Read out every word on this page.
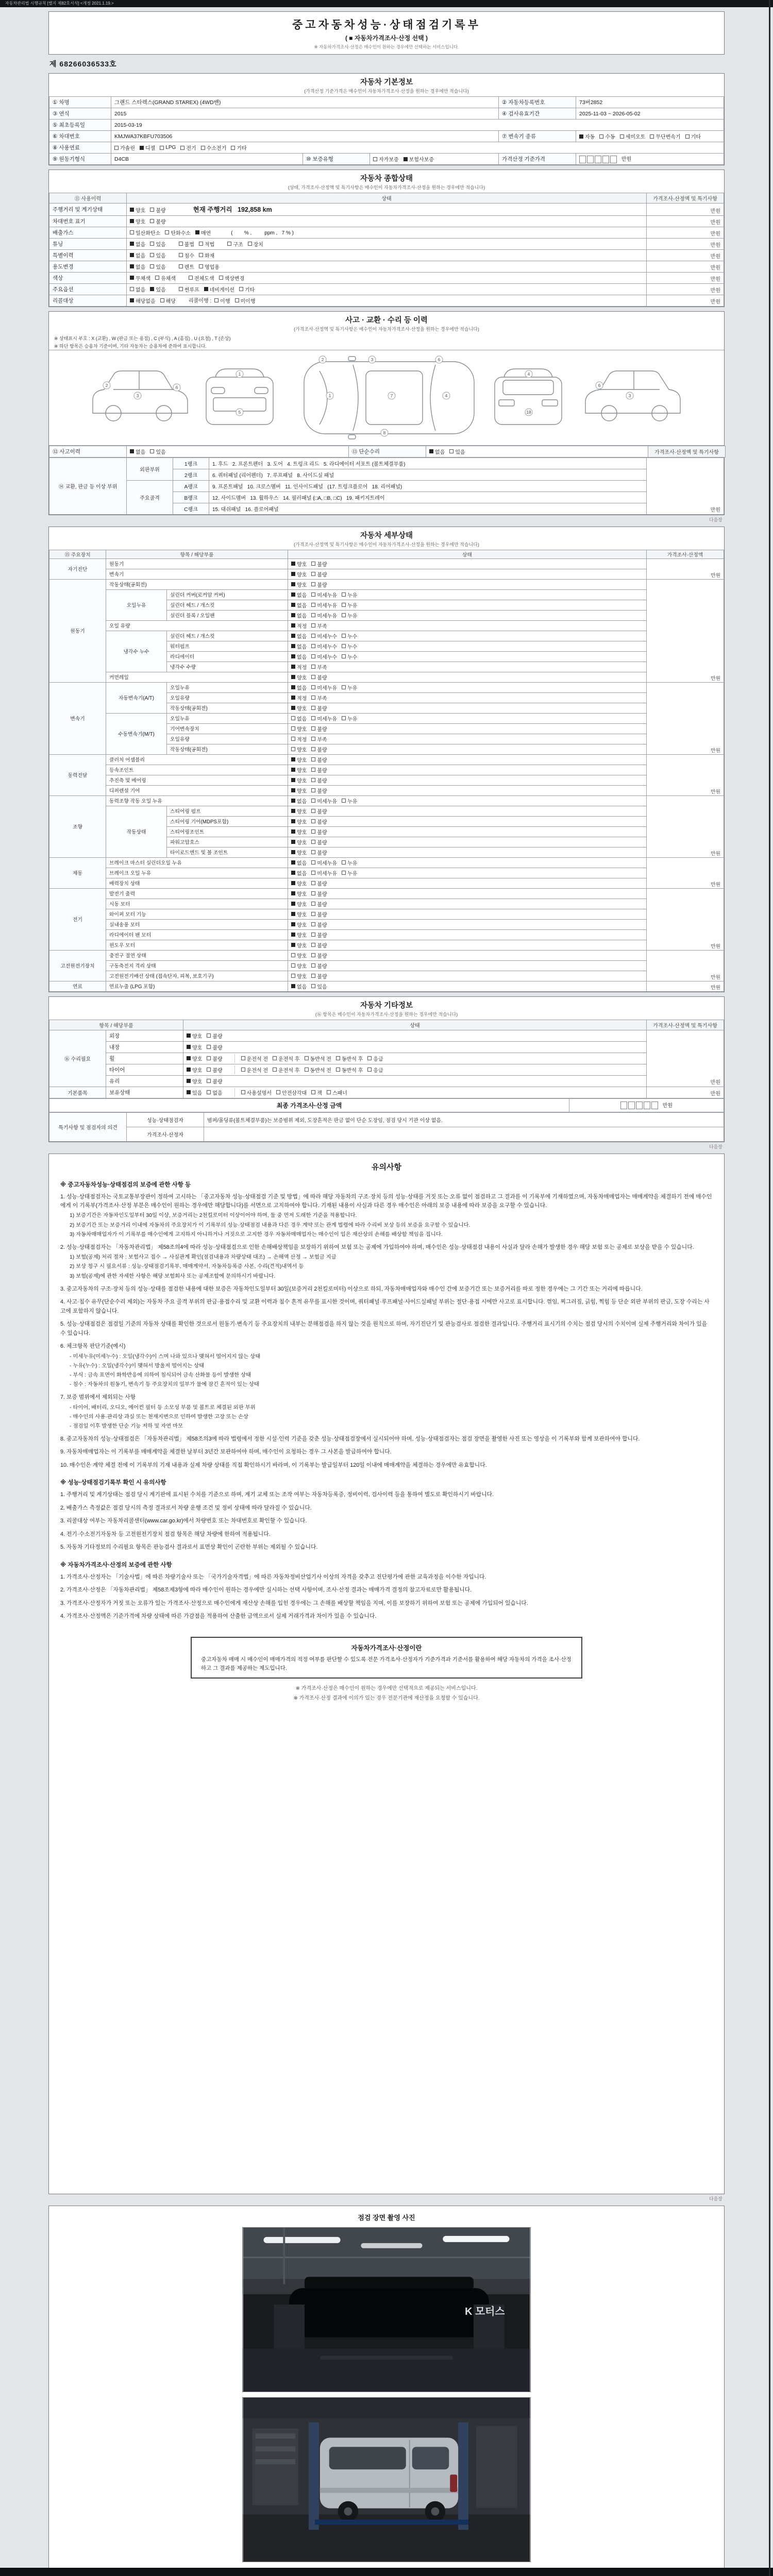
자동차관리법 시행규칙 [별지 제82호서식] <개정 2021.1.19.>
중고자동차성능·상태점검기록부
( ■ 자동차가격조사·산정 선택 )
※ 자동차가격조사·산정은 매수인이 원하는 경우에만 선택하는 서비스입니다.
제 68266036533호
자동차 기본정보
(가격산정 기준가격은 매수인이 자동차가격조사·산정을 원하는 경우에만 적습니다)
① 차명	그랜드 스타렉스(GRAND STAREX) (4WD밴)			② 자동차등록번호	73버2852
③ 연식	2015			④ 검사유효기간	2025-11-03 ~ 2026-05-02
⑤ 최초등록일	2015-03-19				
⑥ 차대번호	KMJWA37KBFU703506			⑦ 변속기 종류	자동 수동 세미오토 무단변속기 기타

⑧ 사용연료	가솔린 디젤 LPG 전기 수소전기 기타

⑨ 원동기형식	D4CB	⑩ 보증유형	자가보증 보험사보증	가격산정 기준가격	만원
자동차 종합상태
(상태, 가격조사·산정액 및 특기사항은 매수인이 자동차가격조사·산정을 원하는 경우에만 적습니다)
⑪ 사용이력	상태	가격조사·산정액 및 특기사항
주행거리 및 계기상태	양호 불량 현재 주행거리   192,858 km	만원
차대번호 표기	양호 불량	만원
배출가스	일산화탄소 탄화수소 매연 (        % ,         ppm ,   7 % )	만원
튜닝	없음 있음	불법 적법	구조 장치	만원
특별이력	없음 있음 침수 화재	만원
용도변경	없음 있음 렌트 영업용	만원
색상	무채색 유채색 전체도색 색상변경	만원
주요옵션	없음 있음 썬루프 네비게이션 기타	만원
리콜대상	해당없음 해당 리콜이행 : 이행 미이행	만원
사고 · 교환 · 수리 등 이력
(가격조사·산정액 및 특기사항은 매수인이 자동차가격조사·산정을 원하는 경우에만 적습니다)
※ 상태표시 부호 : X (교환) , W (판금 또는 용접) , C (부식) , A (흠집) , U (요철) , T (손상)
※ 하단 항목은 승용차 기준이며, 기타 자동차는 승용차에 준하여 표시합니다.
2
3
6
1
5
2	3	6
1	7	4
8
4
18
3
6
⑫ 사고이력	없음 있음	⑬ 단순수리	없음 있음	가격조사·산정액 및 특기사항
⑭ 교환, 판금 등 이상 부위	외판부위	1랭크	1. 후드   2. 프론트펜더   3. 도어   4. 트렁크 리드   5. 라디에이터 서포트 (볼트체결부품)	만원
		2랭크	6. 쿼터패널 (리어펜더)   7. 루프패널   8. 사이드실 패널	
	주요골격	A랭크	9. 프론트패널   10. 크로스멤버   11. 인사이드패널   (17. 트렁크플로어   18. 리어패널)	
		B랭크	12. 사이드멤버   13. 휠하우스   14. 필러패널 (□A, □B, □C)   19. 패키지트레이	
		C랭크	15. 대쉬패널   16. 플로어패널	
다음장
자동차 세부상태
(가격조사·산정액 및 특기사항은 매수인이 자동차가격조사·산정을 원하는 경우에만 적습니다)
⑮ 주요장치	항목 / 해당부품		상태	가격조사·산정액
자기진단	원동기		양호 불량	만원
	변속기		양호 불량	

원동기	작동상태(공회전)		양호 불량	만원
	오일누유	실린더 커버(로커암 커버)	없음 미세누유 누유	

		실린더 헤드 / 개스킷	없음 미세누유 누유	

		실린더 블록 / 오일팬	없음 미세누유 누유	

	오일 유량		적정 부족	

	냉각수 누수	실린더 헤드 / 개스킷	없음 미세누수 누수	

		워터펌프	없음 미세누수 누수	

		라디에이터	없음 미세누수 누수	

		냉각수 수량	적정 부족	

	커먼레일		양호 불량	

변속기	자동변속기(A/T)	오일누유	없음 미세누유 누유	만원
		오일유량	적정 부족	

		작동상태(공회전)	양호 불량	

	수동변속기(M/T)	오일누유	없음 미세누유 누유	

		기어변속장치	양호 불량	

		오일유량	적정 부족	

		작동상태(공회전)	양호 불량	

동력전달	클러치 어셈블리		양호 불량	만원
	등속조인트		양호 불량	

	추진축 및 베어링		양호 불량	

	디퍼렌셜 기어		양호 불량	

조향	동력조향 작동 오일 누유		없음 미세누유 누유	만원
	작동상태	스티어링 펌프	양호 불량	

		스티어링 기어(MDPS포함)	양호 불량	

		스티어링조인트	양호 불량	

		파워고압호스	양호 불량	

		타이로드엔드 및 볼 조인트	양호 불량	

제동	브레이크 마스터 실린더오일 누유		없음 미세누유 누유	만원
	브레이크 오일 누유		없음 미세누유 누유	

	배력장치 상태		양호 불량	

전기	발전기 출력		양호 불량	만원
	시동 모터		양호 불량	

	와이퍼 모터 기능		양호 불량	

	실내송풍 모터		양호 불량	

	라디에이터 팬 모터		양호 불량	

	윈도우 모터		양호 불량	

고전원전기장치	충전구 절연 상태		양호 불량	만원
	구동축전지 격리 상태		양호 불량	

	고전원전기배선 상태 (접속단자, 피복, 보호기구)		양호 불량	

연료	연료누출 (LPG 포함)		없음 있음	만원
자동차 기타정보
(⑯ 항목은 매수인이 자동차가격조사·산정을 원하는 경우에만 적습니다)
항목 / 해당부품		상태	가격조사·산정액 및 특기사항
⑯ 수리필요	외장	양호 불량	만원
	내장	양호 불량	

휠	양호 불량	운전석 전 운전석 후 동반석 전 동반석 후 응급

타이어	양호 불량	운전석 전 운전석 후 동반석 전 동반석 후 응급

	유리	양호 불량	

기본품목	보유상태	있음 없음	사용설명서 안전삼각대 잭 스패너	만원
최종 가격조사·산정 금액	만원
특기사항 및 점검자의 의견	성능·상태점검자	범퍼/몰딩류(볼트체결부품)는 보증범위 제외, 도장흔적은 판금 없이 단순 도장임, 점검 당시 기관 이상 없음.
	가격조사·산정자	
다음장
유의사항
※ 중고자동차성능·상태점검의 보증에 관한 사항 등
1. 성능·상태점검자는 국토교통부장관이 정하여 고시하는 「중고자동차 성능·상태점검 기준 및 방법」에 따라 해당 자동차의 구조·장치 등의 성능·상태를 거짓 또는 오류 없이 점검하고 그 결과를 이 기록부에 기재하였으며, 자동차매매업자는 매매계약을 체결하기 전에 매수인에게 이 기록부(가격조사·산정 부분은 매수인이 원하는 경우에만 해당합니다)를 서면으로 고지하여야 합니다. 기재된 내용이 사실과 다른 경우 매수인은 아래의 보증 내용에 따라 보증을 요구할 수 있습니다.
1) 보증기간은 자동차인도일부터 30일 이상, 보증거리는 2천킬로미터 이상이어야 하며, 둘 중 먼저 도래한 기준을 적용합니다.
2) 보증기간 또는 보증거리 이내에 자동차의 주요장치가 이 기록부의 성능·상태점검 내용과 다른 경우 계약 또는 관계 법령에 따라 수리비 보상 등의 보증을 요구할 수 있습니다.
3) 자동차매매업자가 이 기록부를 매수인에게 고지하지 아니하거나 거짓으로 고지한 경우 자동차매매업자는 매수인이 입은 재산상의 손해를 배상할 책임을 집니다.
2. 성능·상태점검자는 「자동차관리법」 제58조의4에 따라 성능·상태점검으로 인한 손해배상책임을 보장하기 위하여 보험 또는 공제에 가입하여야 하며, 매수인은 성능·상태점검 내용이 사실과 달라 손해가 발생한 경우 해당 보험 또는 공제로 보상을 받을 수 있습니다.
1) 보험(공제) 처리 절차 : 보험사고 접수 → 사실관계 확인(점검내용과 차량상태 대조) → 손해액 산정 → 보험금 지급
2) 보상 청구 시 필요서류 : 성능·상태점검기록부, 매매계약서, 자동차등록증 사본, 수리(견적)내역서 등
3) 보험(공제)에 관한 자세한 사항은 해당 보험회사 또는 공제조합에 문의하시기 바랍니다.
3. 중고자동차의 구조·장치 등의 성능·상태를 점검한 내용에 대한 보증은 자동차인도일부터 30일(보증거리 2천킬로미터) 이상으로 하되, 자동차매매업자와 매수인 간에 보증기간 또는 보증거리를 따로 정한 경우에는 그 기간 또는 거리에 따릅니다.
4. 사고·침수 유무(단순수리 제외)는 자동차 주요 골격 부위의 판금·용접수리 및 교환 이력과 침수 흔적 유무를 표시한 것이며, 쿼터패널·루프패널·사이드실패널 부위는 절단·용접 시에만 사고로 표시합니다. 꺾임, 찌그러짐, 긁힘, 찍힘 등 단순 외판 부위의 판금, 도장 수리는 사고에 포함하지 않습니다.
5. 성능·상태점검은 점검일 기준의 자동차 상태를 확인한 것으로서 원동기·변속기 등 주요장치의 내부는 분해점검을 하지 않는 것을 원칙으로 하며, 자기진단기 및 관능검사로 점검한 결과입니다. 주행거리 표시기의 수치는 점검 당시의 수치이며 실제 주행거리와 차이가 있을 수 있습니다.
6. 체크항목 판단기준(예시)
- 미세누유(미세누수) : 오일(냉각수)이 스며 나와 있으나 맺혀서 떨어지지 않는 상태
- 누유(누수) : 오일(냉각수)이 맺혀서 방울져 떨어지는 상태
- 부식 : 금속 표면이 화학반응에 의하여 침식되어 금속 산화물 등이 발생한 상태
- 침수 : 자동차의 원동기, 변속기 등 주요장치의 일부가 물에 잠긴 흔적이 있는 상태
7. 보증 범위에서 제외되는 사항
- 타이어, 배터리, 오디오, 에어컨 필터 등 소모성 부품 및 볼트로 체결된 외판 부위
- 매수인의 사용·관리상 과실 또는 천재지변으로 인하여 발생한 고장 또는 손상
- 점검일 이후 발생한 단순 기능 저하 및 자연 마모
8. 중고자동차의 성능·상태점검은 「자동차관리법」 제58조의3에 따라 법령에서 정한 시설·인력 기준을 갖춘 성능·상태점검장에서 실시되어야 하며, 성능·상태점검자는 점검 장면을 촬영한 사진 또는 영상을 이 기록부와 함께 보관하여야 합니다.
9. 자동차매매업자는 이 기록부를 매매계약을 체결한 날부터 3년간 보관하여야 하며, 매수인이 요청하는 경우 그 사본을 발급하여야 합니다.
10. 매수인은 계약 체결 전에 이 기록부의 기재 내용과 실제 차량 상태를 직접 확인하시기 바라며, 이 기록부는 발급일부터 120일 이내에 매매계약을 체결하는 경우에만 유효합니다.
※ 성능·상태점검기록부 확인 시 유의사항
1. 주행거리 및 계기상태는 점검 당시 계기판에 표시된 수치를 기준으로 하며, 계기 교체 또는 조작 여부는 자동차등록증, 정비이력, 검사이력 등을 통하여 별도로 확인하시기 바랍니다.
2. 배출가스 측정값은 점검 당시의 측정 결과로서 차량 운행 조건 및 정비 상태에 따라 달라질 수 있습니다.
3. 리콜대상 여부는 자동차리콜센터(www.car.go.kr)에서 차량번호 또는 차대번호로 확인할 수 있습니다.
4. 전기·수소전기자동차 등 고전원전기장치 점검 항목은 해당 차량에 한하여 적용됩니다.
5. 자동차 기타정보의 수리필요 항목은 관능검사 결과로서 표면상 확인이 곤란한 부위는 제외될 수 있습니다.
※ 자동차가격조사·산정의 보증에 관한 사항
1. 가격조사·산정자는 「기술사법」에 따른 차량기술사 또는 「국가기술자격법」에 따른 자동차정비산업기사 이상의 자격을 갖추고 진단평가에 관한 교육과정을 이수한 자입니다.
2. 가격조사·산정은 「자동차관리법」 제58조제3항에 따라 매수인이 원하는 경우에만 실시하는 선택 사항이며, 조사·산정 결과는 매매가격 결정의 참고자료로만 활용됩니다.
3. 가격조사·산정자가 거짓 또는 오류가 있는 가격조사·산정으로 매수인에게 재산상 손해를 입힌 경우에는 그 손해를 배상할 책임을 지며, 이를 보장하기 위하여 보험 또는 공제에 가입되어 있습니다.
4. 가격조사·산정액은 기준가격에 차량 상태에 따른 가감점을 적용하여 산출한 금액으로서 실제 거래가격과 차이가 있을 수 있습니다.
자동차가격조사·산정이란
중고자동차 매매 시 매수인이 매매가격의 적정 여부를 판단할 수 있도록 전문 가격조사·산정자가 기준가격과 기준서를 활용하여 해당 자동차의 가격을 조사·산정하고 그 결과를 제공하는 제도입니다.
※ 가격조사·산정은 매수인이 원하는 경우에만 선택적으로 제공되는 서비스입니다.
※ 가격조사·산정 결과에 이의가 있는 경우 전문기관에 재산정을 요청할 수 있습니다.
다음장
점검 장면 촬영 사진
K 모터스
